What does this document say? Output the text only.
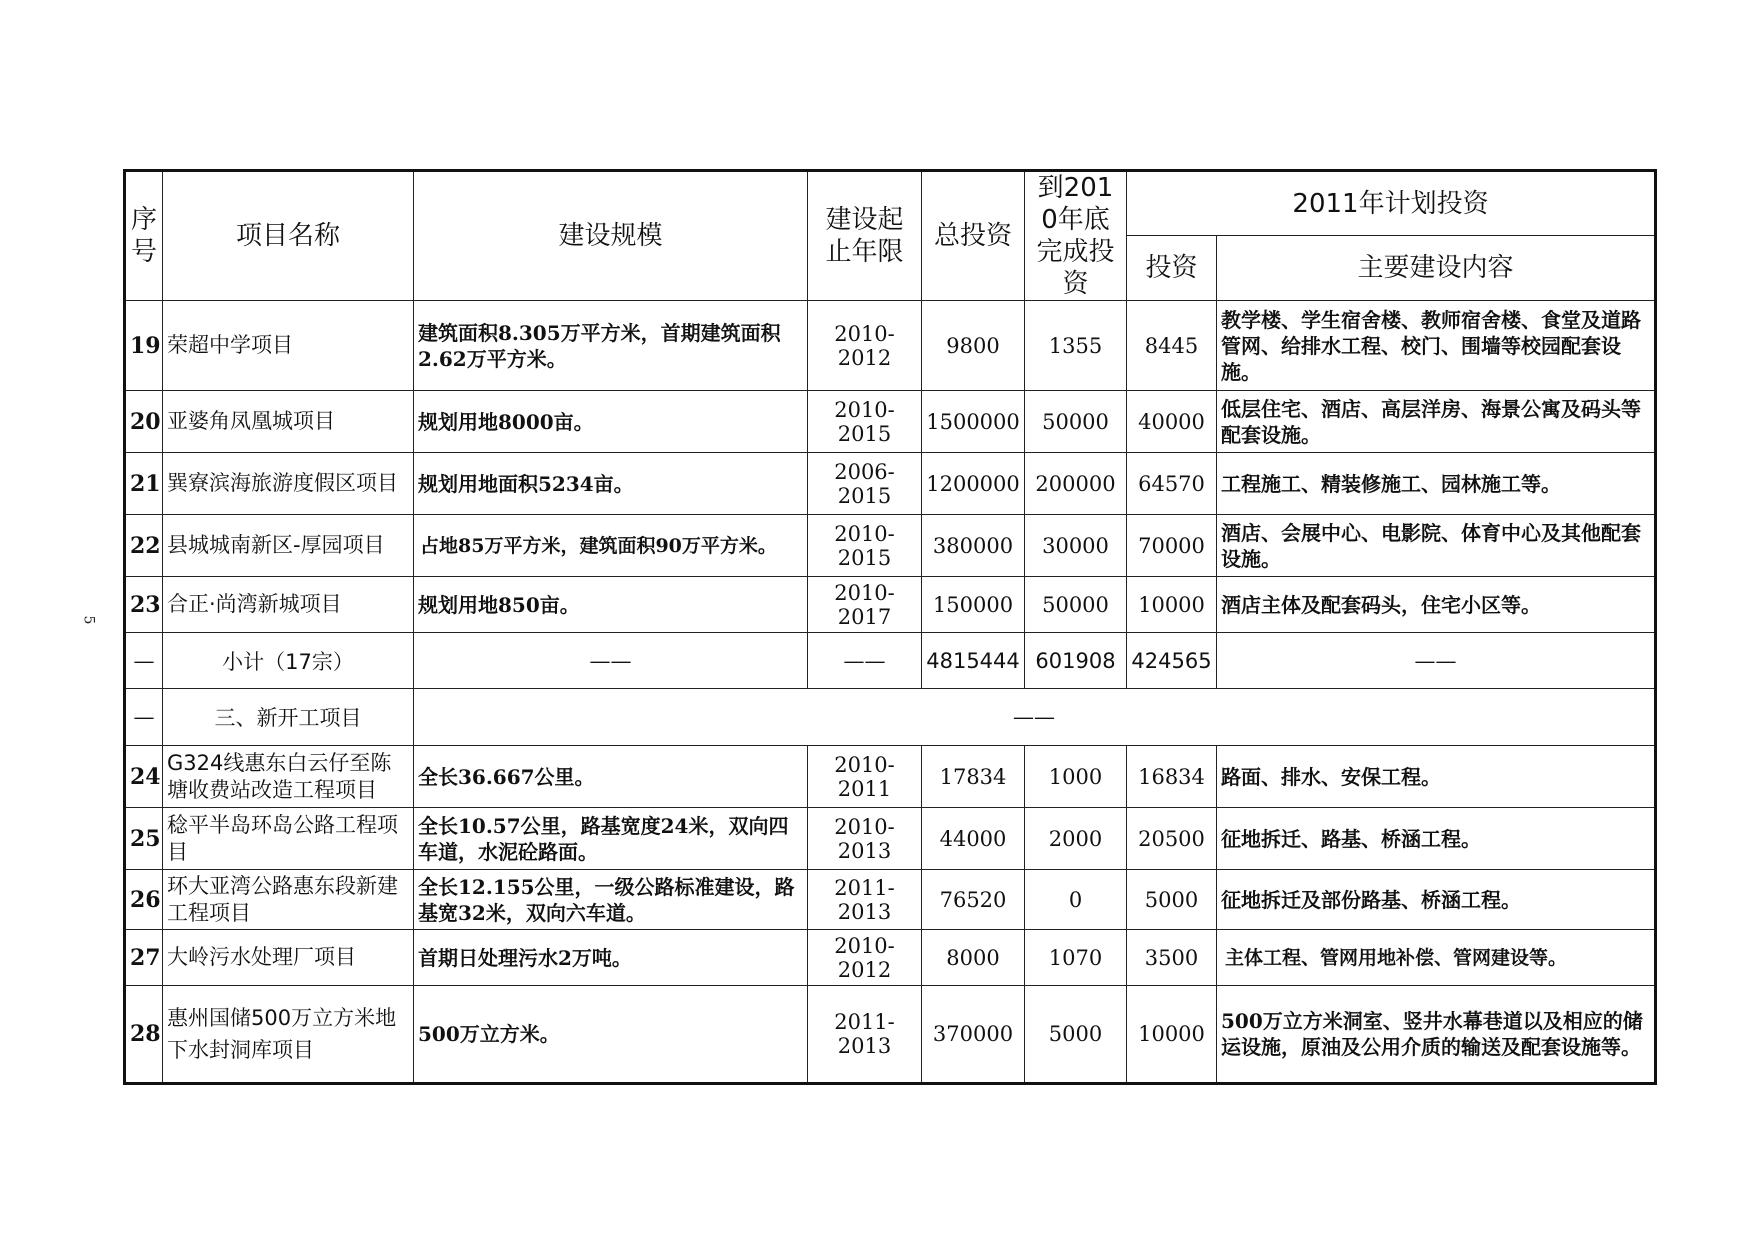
5
序号	项目名称	建设规模	建设起止年限	总投资	到2010年底完成投资	2011年计划投资	
						投资	主要建设内容
19	荣超中学项目	建筑面积8.305万平方米，首期建筑面积2.62万平方米。	2010-2012	9800	1355	8445	教学楼、学生宿舍楼、教师宿舍楼、食堂及道路管网、给排水工程、校门、围墙等校园配套设施。
20	亚婆角凤凰城项目	规划用地8000亩。	2010-2015	1500000	50000	40000	低层住宅、酒店、高层洋房、海景公寓及码头等配套设施。
21	巽寮滨海旅游度假区项目	规划用地面积5234亩。	2006-2015	1200000	200000	64570	工程施工、精装修施工、园林施工等。
22	县城城南新区-厚园项目	占地85万平方米，建筑面积90万平方米。	2010-2015	380000	30000	70000	酒店、会展中心、电影院、体育中心及其他配套设施。
23	合正·尚湾新城项目	规划用地850亩。	2010-2017	150000	50000	10000	酒店主体及配套码头，住宅小区等。
—	小计（17宗）	——	——	4815444	601908	424565	——
—	三、新开工项目	——					
24	G324线惠东白云仔至陈塘收费站改造工程项目	全长36.667公里。	2010-2011	17834	1000	16834	路面、排水、安保工程。
25	稔平半岛环岛公路工程项目	全长10.57公里，路基宽度24米，双向四车道，水泥砼路面。	2010-2013	44000	2000	20500	征地拆迁、路基、桥涵工程。
26	环大亚湾公路惠东段新建工程项目	全长12.155公里，一级公路标准建设，路基宽32米，双向六车道。	2011-2013	76520	0	5000	征地拆迁及部份路基、桥涵工程。
27	大岭污水处理厂项目	首期日处理污水2万吨。	2010-2012	8000	1070	3500	主体工程、管网用地补偿、管网建设等。
28	惠州国储500万立方米地下水封洞库项目	500万立方米。	2011-2013	370000	5000	10000	500万立方米洞室、竖井水幕巷道以及相应的储运设施，原油及公用介质的输送及配套设施等。
